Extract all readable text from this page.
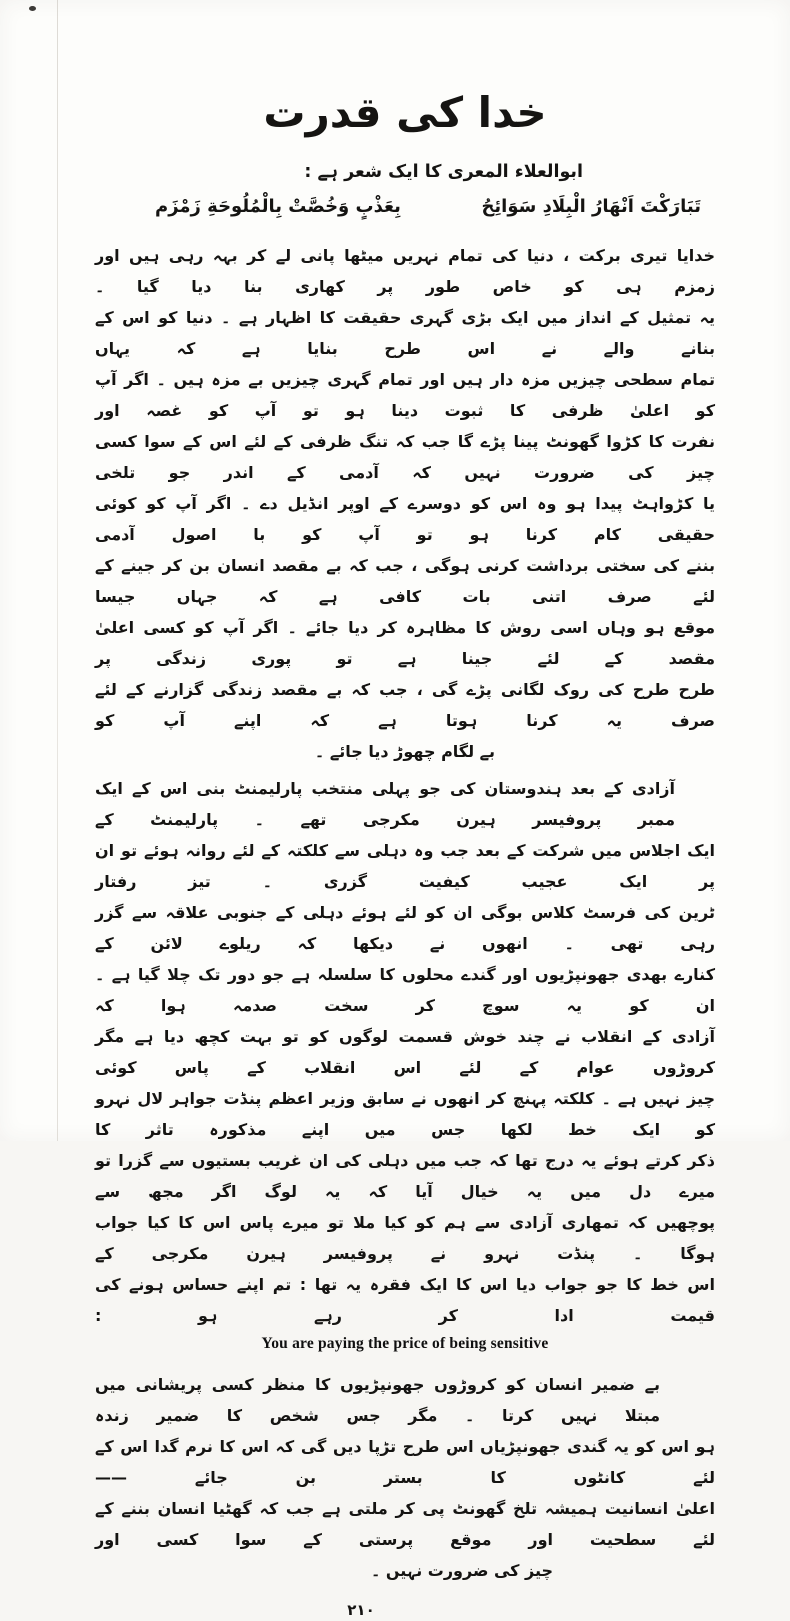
خدا کی قدرت
ابوالعلاء المعری کا ایک شعر ہے :
تَبَارَكْتَ اَنْهَارُ الْبِلَادِ سَوَائِحُ
بِعَذْبٍ وَخُصَّتْ بِالْمُلُوحَةِ زَمْزَم
خدایا تیری برکت ، دنیا کی تمام نہریں میٹھا پانی لے کر بہہ رہی ہیں اور زمزم ہی کو خاص طور پر کھاری بنا دیا گیا ۔
یہ تمثیل کے انداز میں ایک بڑی گہری حقیقت کا اظہار ہے ۔ دنیا کو اس کے بنانے والے نے اس طرح بنایا ہے کہ یہاں
تمام سطحی چیزیں مزہ دار ہیں اور تمام گہری چیزیں بے مزہ ہیں ۔ اگر آپ کو اعلیٰ ظرفی کا ثبوت دینا ہو تو آپ کو غصہ اور
نفرت کا کڑوا گھونٹ پینا پڑے گا جب کہ تنگ ظرفی کے لئے اس کے سوا کسی چیز کی ضرورت نہیں کہ آدمی کے اندر جو تلخی
یا کڑواہٹ پیدا ہو وہ اس کو دوسرے کے اوپر انڈیل دے ۔ اگر آپ کو کوئی حقیقی کام کرنا ہو تو آپ کو با اصول آدمی
بننے کی سختی برداشت کرنی ہوگی ، جب کہ بے مقصد انسان بن کر جینے کے لئے صرف اتنی بات کافی ہے کہ جہاں جیسا
موقع ہو وہاں اسی روش کا مظاہرہ کر دیا جائے ۔ اگر آپ کو کسی اعلیٰ مقصد کے لئے جینا ہے تو پوری زندگی پر
طرح طرح کی روک لگانی پڑے گی ، جب کہ بے مقصد زندگی گزارنے کے لئے صرف یہ کرنا ہوتا ہے کہ اپنے آپ کو
بے لگام چھوڑ دیا جائے ۔
آزادی کے بعد ہندوستان کی جو پہلی منتخب پارلیمنٹ بنی اس کے ایک ممبر پروفیسر ہیرن مکرجی تھے ۔ پارلیمنٹ کے
ایک اجلاس میں شرکت کے بعد جب وہ دہلی سے کلکتہ کے لئے روانہ ہوئے تو ان پر ایک عجیب کیفیت گزری ۔ تیز رفتار
ٹرین کی فرسٹ کلاس بوگی ان کو لئے ہوئے دہلی کے جنوبی علاقہ سے گزر رہی تھی ۔ انھوں نے دیکھا کہ ریلوے لائن کے
کنارے بھدی جھونپڑیوں اور گندے محلوں کا سلسلہ ہے جو دور تک چلا گیا ہے ۔ ان کو یہ سوچ کر سخت صدمہ ہوا کہ
آزادی کے انقلاب نے چند خوش قسمت لوگوں کو تو بہت کچھ دیا ہے مگر کروڑوں عوام کے لئے اس انقلاب کے پاس کوئی
چیز نہیں ہے ۔ کلکتہ پہنچ کر انھوں نے سابق وزیر اعظم پنڈت جواہر لال نہرو کو ایک خط لکھا جس میں اپنے مذکورہ تاثر کا
ذکر کرتے ہوئے یہ درج تھا کہ جب میں دہلی کی ان غریب بستیوں سے گزرا تو میرے دل میں یہ خیال آیا کہ یہ لوگ اگر مجھ سے
پوچھیں کہ تمھاری آزادی سے ہم کو کیا ملا تو میرے پاس اس کا کیا جواب ہوگا ۔ پنڈت نہرو نے پروفیسر ہیرن مکرجی کے
اس خط کا جو جواب دیا اس کا ایک فقرہ یہ تھا : تم اپنے حساس ہونے کی قیمت ادا کر رہے ہو :
You are paying the price of being sensitive
بے ضمیر انسان کو کروڑوں جھونپڑیوں کا منظر کسی پریشانی میں مبتلا نہیں کرتا ۔ مگر جس شخص کا ضمیر زندہ
ہو اس کو یہ گندی جھونپڑیاں اس طرح تڑپا دیں گی کہ اس کا نرم گدا اس کے لئے کانٹوں کا بستر بن جائے ——
اعلیٰ انسانیت ہمیشہ تلخ گھونٹ پی کر ملتی ہے جب کہ گھٹیا انسان بننے کے لئے سطحیت اور موقع پرستی کے سوا کسی اور
چیز کی ضرورت نہیں ۔
۲۱۰
